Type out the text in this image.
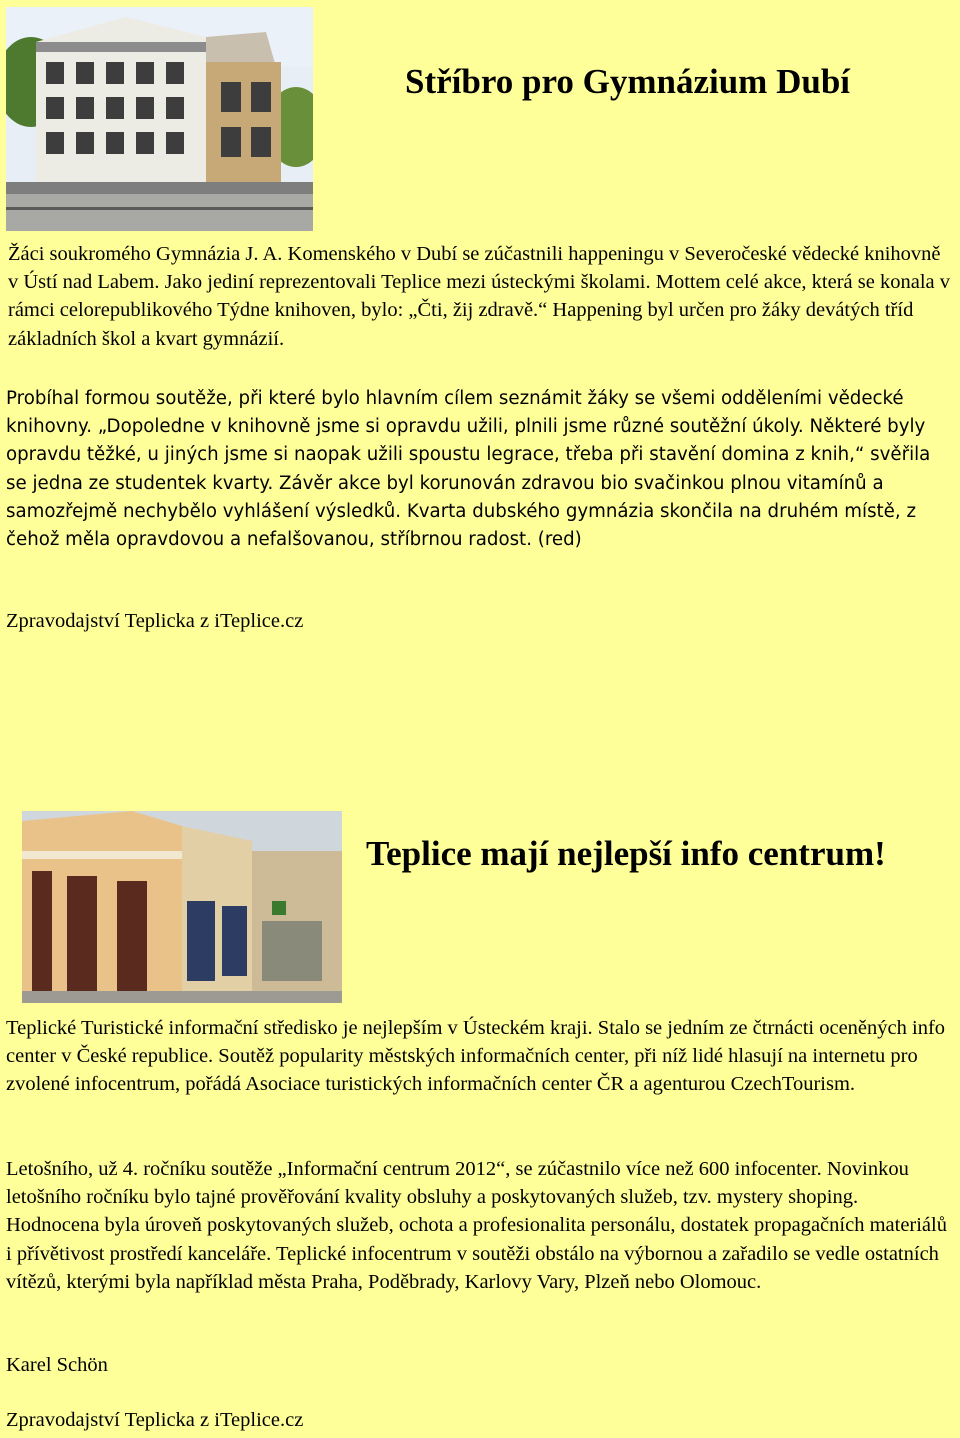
Stříbro pro Gymnázium Dubí

Žáci soukromého Gymnázia J. A. Komenského v Dubí se zúčastnili happeningu v Severočeské vědecké knihovně v Ústí nad Labem. Jako jediní reprezentovali Teplice mezi ústeckými školami. Mottem celé akce, která se konala v rámci celorepublikového Týdne knihoven, bylo: „Čti, žij zdravě.“ Happening byl určen pro žáky devátých tříd základních škol a kvart gymnázií.

Probíhal formou soutěže, při které bylo hlavním cílem seznámit žáky se všemi odděleními vědecké knihovny. „Dopoledne v knihovně jsme si opravdu užili, plnili jsme různé soutěžní úkoly. Některé byly opravdu těžké, u jiných jsme si naopak užili spoustu legrace, třeba při stavění domina z knih,“ svěřila se jedna ze studentek kvarty. Závěr akce byl korunován zdravou bio svačinkou plnou vitamínů a samozřejmě nechybělo vyhlášení výsledků. Kvarta dubského gymnázia skončila na druhém místě, z čehož měla opravdovou a nefalšovanou, stříbrnou radost. (red)

Zpravodajství Teplicka z iTeplice.cz
Teplice mají nejlepší info centrum!

Teplické Turistické informační středisko je nejlepším v Ústeckém kraji. Stalo se jedním ze čtrnácti oceněných info center v České republice. Soutěž popularity městských informačních center, při níž lidé hlasují na internetu pro zvolené infocentrum, pořádá Asociace turistických informačních center ČR a agenturou CzechTourism.

Letošního, už 4. ročníku soutěže „Informační centrum 2012“, se zúčastnilo více než 600 infocenter. Novinkou letošního ročníku bylo tajné prověřování kvality obsluhy a poskytovaných služeb, tzv. mystery shoping. Hodnocena byla úroveň poskytovaných služeb, ochota a profesionalita personálu, dostatek propagačních materiálů i přívětivost prostředí kanceláře. Teplické infocentrum v soutěži obstálo na výbornou a zařadilo se vedle ostatních vítězů, kterými byla například města Praha, Poděbrady, Karlovy Vary, Plzeň nebo Olomouc.

Karel Schön
Zpravodajství Teplicka z iTeplice.cz
